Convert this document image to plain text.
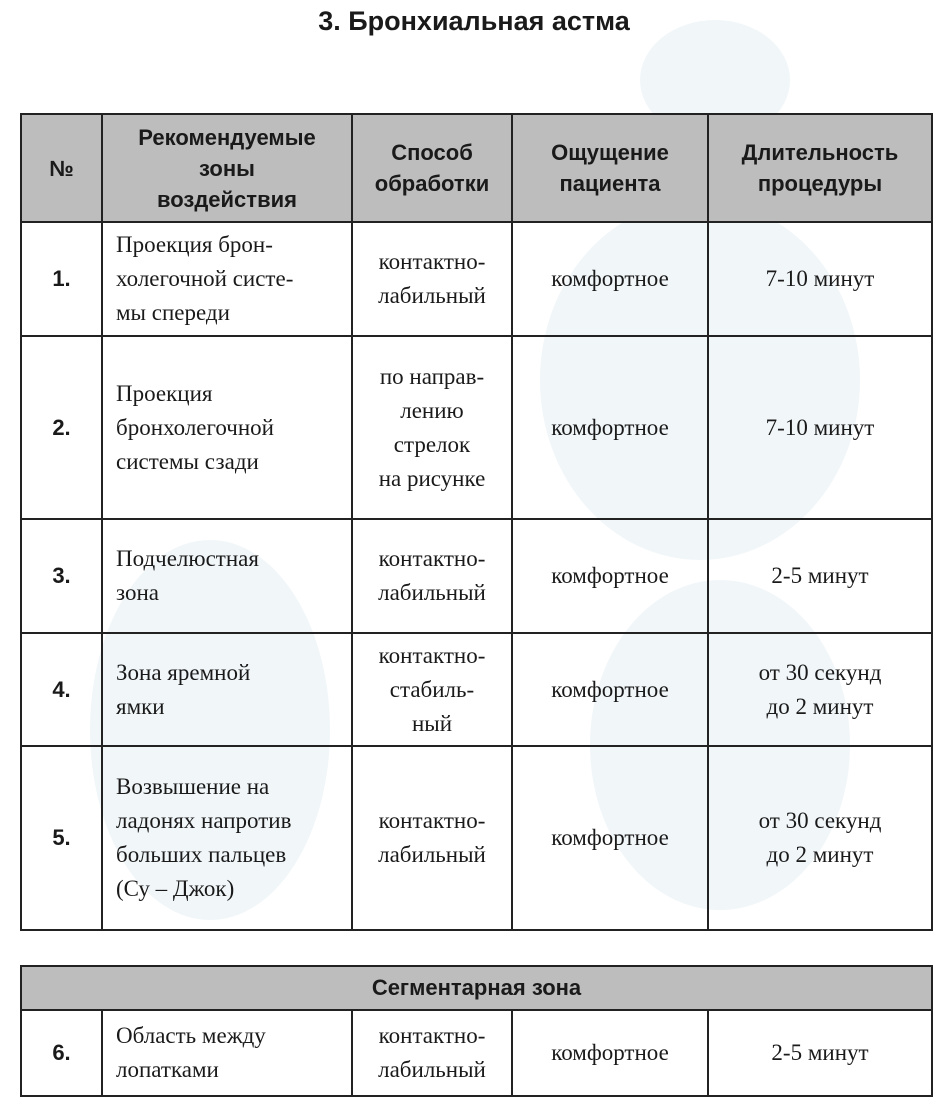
3. Бронхиальная астма
№	Рекомендуемые
зоны
воздействия	Способ
обработки	Ощущение
пациента	Длительность
процедуры
1.	Проекция брон-
холегочной систе-
мы спереди	контактно-
лабильный	комфортное	7-10 минут
2.	Проекция
бронхолегочной
системы сзади	по направ-
лению
стрелок
на рисунке	комфортное	7-10 минут
3.	Подчелюстная
зона	контактно-
лабильный	комфортное	2-5 минут
4.	Зона яремной
ямки	контактно-
стабиль-
ный	комфортное	от 30 секунд
до 2 минут
5.	Возвышение на
ладонях напротив
больших пальцев
(Су – Джок)	контактно-
лабильный	комфортное	от 30 секунд
до 2 минут
Сегментарная зона
6.	Область между
лопатками	контактно-
лабильный	комфортное	2-5 минут
